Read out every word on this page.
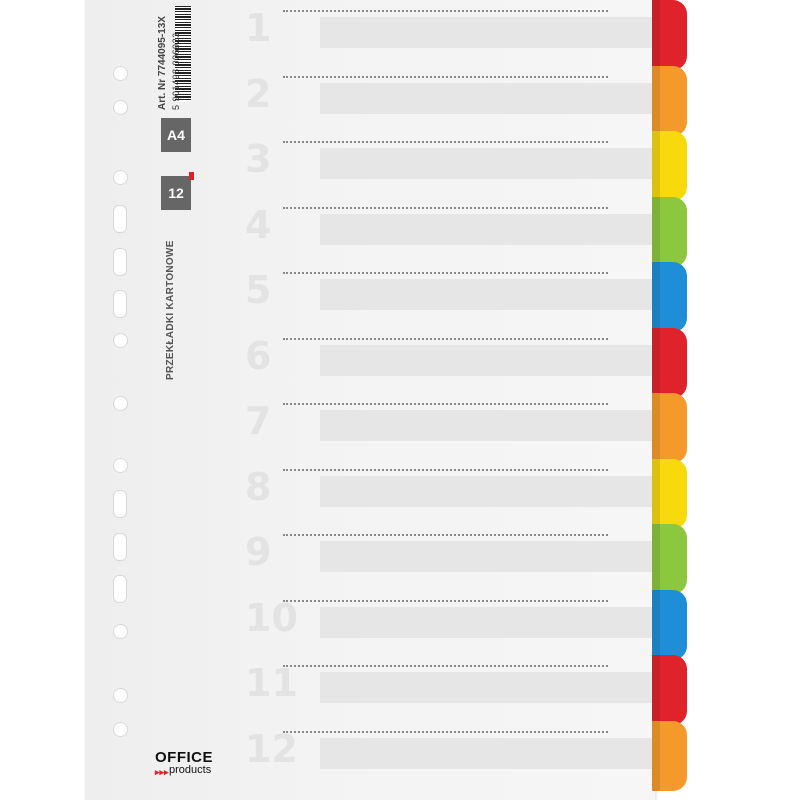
Art. Nr 7744095-13X 5 901498 006923
A4
12
PRZEKŁADKI KARTONOWE
1
2
3
4
5
6
7
8
9
10
11
12
OFFICE
products
▸▸▸
